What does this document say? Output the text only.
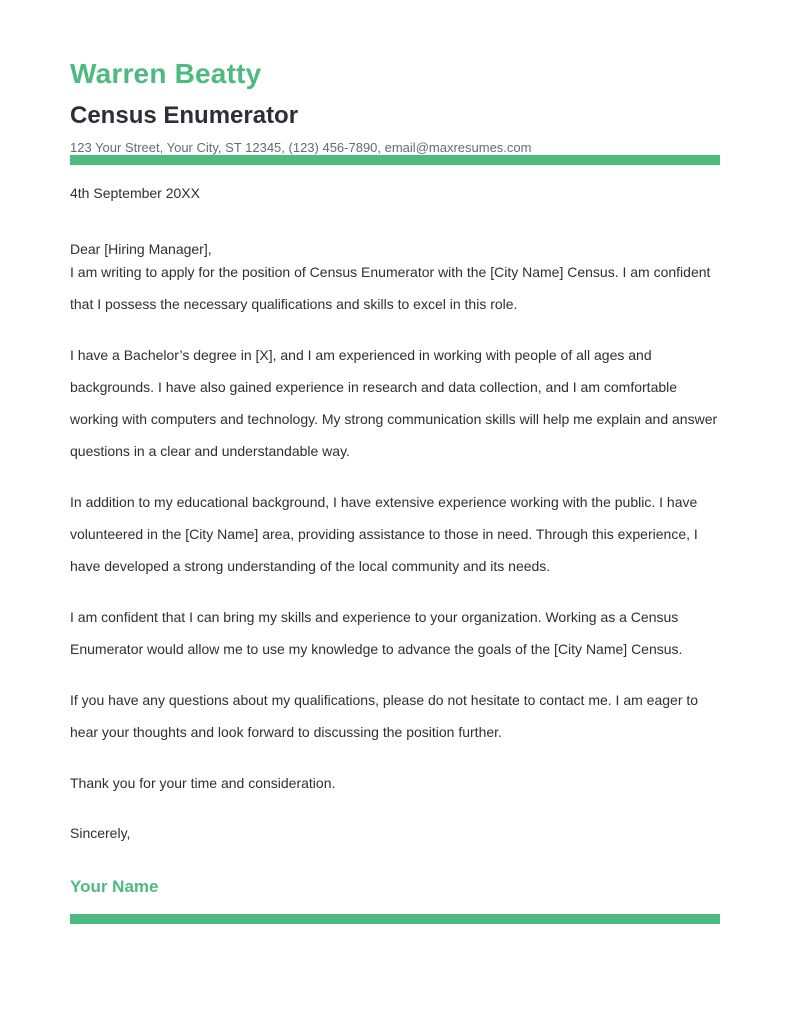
Warren Beatty
Census Enumerator
123 Your Street, Your City, ST 12345, (123) 456-7890, email@maxresumes.com
4th September 20XX
Dear [Hiring Manager],
I am writing to apply for the position of Census Enumerator with the [City Name] Census. I am confident that I possess the necessary qualifications and skills to excel in this role.
I have a Bachelor’s degree in [X], and I am experienced in working with people of all ages and backgrounds. I have also gained experience in research and data collection, and I am comfortable working with computers and technology. My strong communication skills will help me explain and answer questions in a clear and understandable way.
In addition to my educational background, I have extensive experience working with the public. I have volunteered in the [City Name] area, providing assistance to those in need. Through this experience, I have developed a strong understanding of the local community and its needs.
I am confident that I can bring my skills and experience to your organization. Working as a Census Enumerator would allow me to use my knowledge to advance the goals of the [City Name] Census.
If you have any questions about my qualifications, please do not hesitate to contact me. I am eager to hear your thoughts and look forward to discussing the position further.
Thank you for your time and consideration.
Sincerely,
Your Name
